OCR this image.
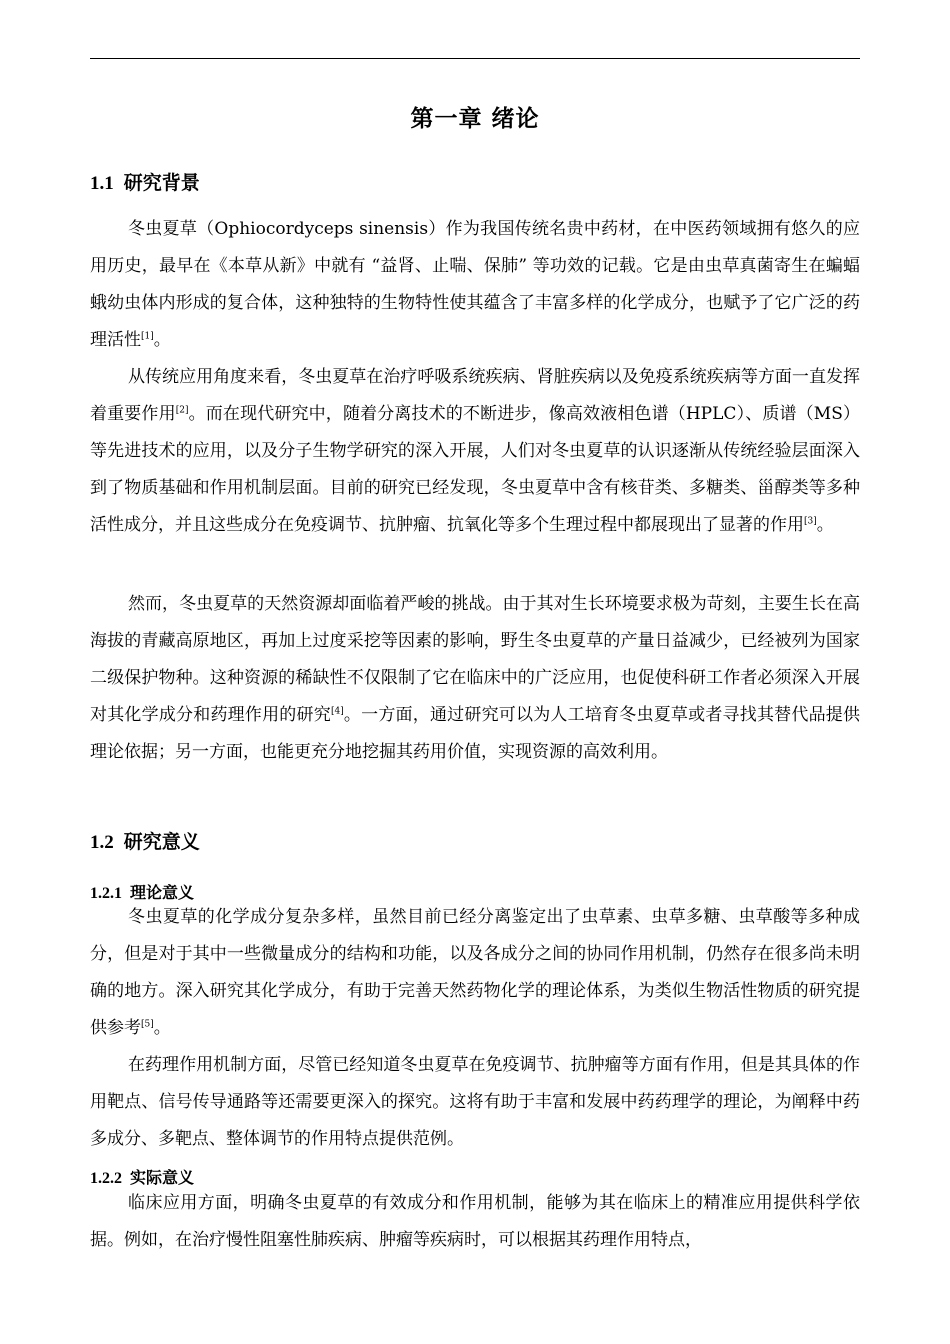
第一章 绪论
1.1 研究背景
冬虫夏草（Ophiocordyceps sinensis）作为我国传统名贵中药材，在中医药领域拥有悠久的应用历史，最早在《本草从新》中就有 “益肾、止喘、保肺” 等功效的记载。它是由虫草真菌寄生在蝙蝠蛾幼虫体内形成的复合体，这种独特的生物特性使其蕴含了丰富多样的化学成分，也赋予了它广泛的药理活性[1]。
从传统应用角度来看，冬虫夏草在治疗呼吸系统疾病、肾脏疾病以及免疫系统疾病等方面一直发挥着重要作用[2]。而在现代研究中，随着分离技术的不断进步，像高效液相色谱（HPLC）、质谱（MS）等先进技术的应用，以及分子生物学研究的深入开展，人们对冬虫夏草的认识逐渐从传统经验层面深入到了物质基础和作用机制层面。目前的研究已经发现，冬虫夏草中含有核苷类、多糖类、甾醇类等多种活性成分，并且这些成分在免疫调节、抗肿瘤、抗氧化等多个生理过程中都展现出了显著的作用[3]。
然而，冬虫夏草的天然资源却面临着严峻的挑战。由于其对生长环境要求极为苛刻，主要生长在高海拔的青藏高原地区，再加上过度采挖等因素的影响，野生冬虫夏草的产量日益减少，已经被列为国家二级保护物种。这种资源的稀缺性不仅限制了它在临床中的广泛应用，也促使科研工作者必须深入开展对其化学成分和药理作用的研究[4]。一方面，通过研究可以为人工培育冬虫夏草或者寻找其替代品提供理论依据；另一方面，也能更充分地挖掘其药用价值，实现资源的高效利用。
1.2 研究意义
1.2.1 理论意义
冬虫夏草的化学成分复杂多样，虽然目前已经分离鉴定出了虫草素、虫草多糖、虫草酸等多种成分，但是对于其中一些微量成分的结构和功能，以及各成分之间的协同作用机制，仍然存在很多尚未明确的地方。深入研究其化学成分，有助于完善天然药物化学的理论体系，为类似生物活性物质的研究提供参考[5]。
在药理作用机制方面，尽管已经知道冬虫夏草在免疫调节、抗肿瘤等方面有作用，但是其具体的作用靶点、信号传导通路等还需要更深入的探究。这将有助于丰富和发展中药药理学的理论，为阐释中药多成分、多靶点、整体调节的作用特点提供范例。
1.2.2 实际意义
临床应用方面，明确冬虫夏草的有效成分和作用机制，能够为其在临床上的精准应用提供科学依据。例如，在治疗慢性阻塞性肺疾病、肿瘤等疾病时，可以根据其药理作用特点，
